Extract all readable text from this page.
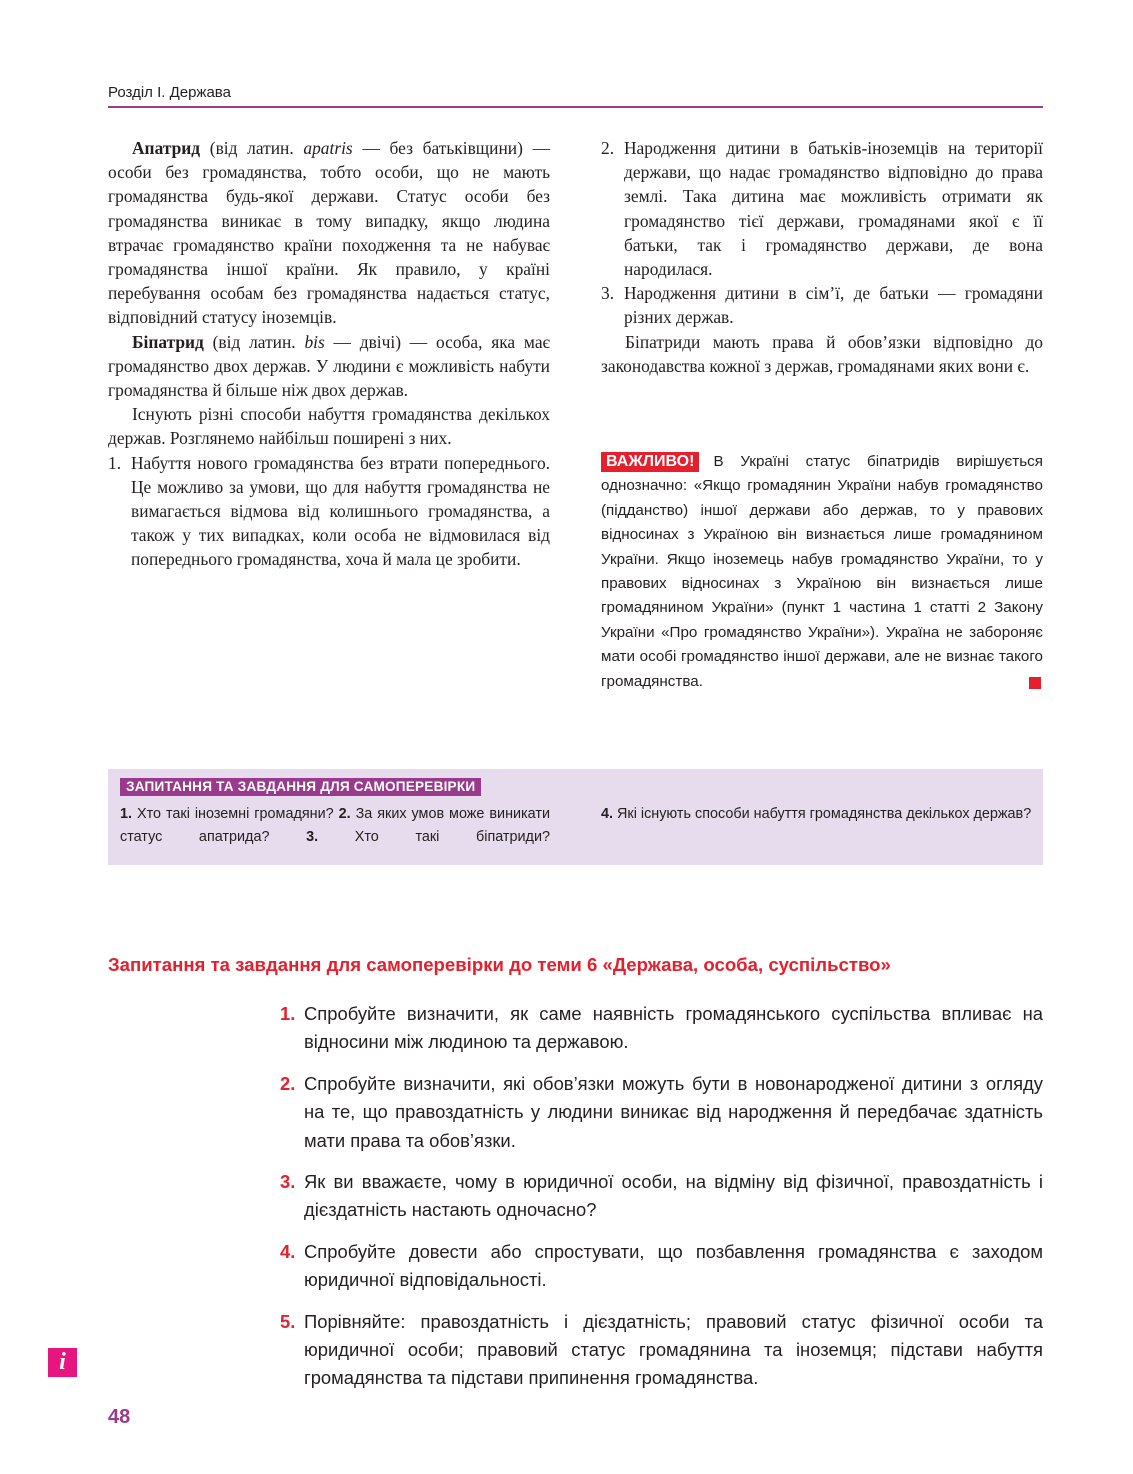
Розділ І. Держава

Апатрид (від латин. apatris — без батьківщини) — особи без громадянства, тобто особи, що не мають громадянства будь-якої держави. Статус особи без громадянства виникає в тому випадку, якщо людина втрачає громадянство країни походження та не набуває громадянства іншої країни. Як правило, у країні перебування особам без громадянства надається статус, відповідний статусу іноземців.

Біпатрид (від латин. bis — двічі) — особа, яка має громадянство двох держав. У людини є можливість набути громадянства й більше ніж двох держав.

Існують різні способи набуття громадянства декількох держав. Розглянемо найбільш поширені з них.

1. Набуття нового громадянства без втрати попереднього. Це можливо за умови, що для набуття громадянства не вимагається відмова від колишнього громадянства, а також у тих випадках, коли особа не відмовилася від попереднього громадянства, хоча й мала це зробити.
2. Народження дитини в батьків-іноземців на території держави, що надає громадянство відповідно до права землі. Така дитина має можливість отримати як громадянство тієї держави, громадянами якої є її батьки, так і громадянство держави, де вона народилася.
3. Народження дитини в сім’ї, де батьки — громадяни різних держав.

Біпатриди мають права й обов’язки відповідно до законодавства кожної з держав, громадянами яких вони є.

ВАЖЛИВО! В Україні статус біпатридів вирішується однозначно: «Якщо громадянин України набув громадянство (підданство) іншої держави або держав, то у правових відносинах з Україною він визнається лише громадянином України. Якщо іноземець набув громадянство України, то у правових відносинах з Україною він визнається лише громадянином України» (пункт 1 частина 1 статті 2 Закону України «Про громадянство України»). Україна не забороняє мати особі громадянство іншої держави, але не визнає такого громадянства.
ЗАПИТАННЯ ТА ЗАВДАННЯ ДЛЯ САМОПЕРЕВІРКИ
1. Хто такі іноземні громадяни? 2. За яких умов може виникати статус апатрида? 3. Хто такі біпатриди?
4. Які існують способи набуття громадянства декількох держав?
Запитання та завдання для самоперевірки до теми 6 «Держава, особа, суспільство»
1. Спробуйте визначити, як саме наявність громадянського суспільства впливає на відносини між людиною та державою.
2. Спробуйте визначити, які обов’язки можуть бути в новонародженої дитини з огляду на те, що правоздатність у людини виникає від народження й передбачає здатність мати права та обов’язки.
3. Як ви вважаєте, чому в юридичної особи, на відміну від фізичної, правоздатність і дієздатність настають одночасно?
4. Спробуйте довести або спростувати, що позбавлення громадянства є заходом юридичної відповідальності.
5. Порівняйте: правоздатність і дієздатність; правовий статус фізичної особи та юридичної особи; правовий статус громадянина та іноземця; підстави набуття громадянства та підстави припинення громадянства.
i
48
